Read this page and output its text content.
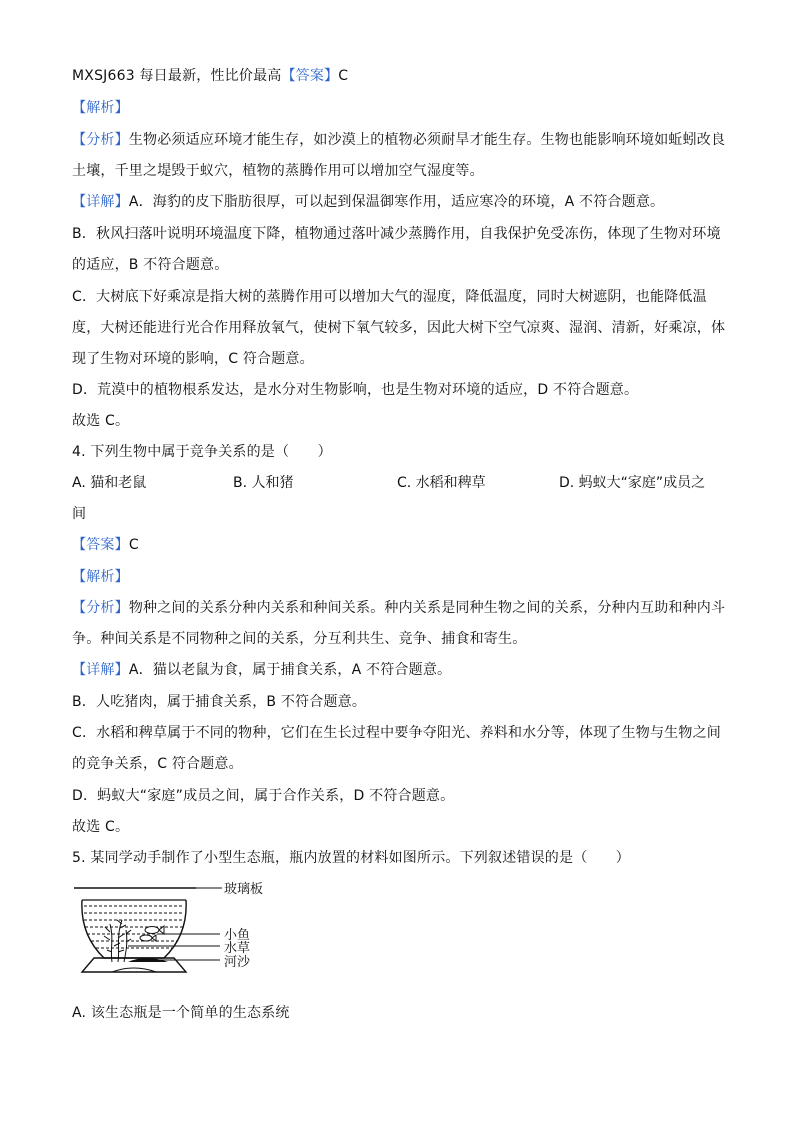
MXSJ663 每日最新，性比价最高【答案】C
【解析】
【分析】生物必须适应环境才能生存，如沙漠上的植物必须耐旱才能生存。生物也能影响环境如蚯蚓改良
土壤，千里之堤毁于蚁穴，植物的蒸腾作用可以增加空气湿度等。
【详解】A．海豹的皮下脂肪很厚，可以起到保温御寒作用，适应寒冷的环境，A 不符合题意。
B．秋风扫落叶说明环境温度下降，植物通过落叶减少蒸腾作用，自我保护免受冻伤，体现了生物对环境
的适应，B 不符合题意。
C．大树底下好乘凉是指大树的蒸腾作用可以增加大气的湿度，降低温度，同时大树遮阴，也能降低温
度，大树还能进行光合作用释放氧气，使树下氧气较多，因此大树下空气凉爽、湿润、清新，好乘凉，体
现了生物对环境的影响，C 符合题意。
D．荒漠中的植物根系发达，是水分对生物影响，也是生物对环境的适应，D 不符合题意。
故选 C。
4. 下列生物中属于竞争关系的是（　　）
A. 猫和老鼠	B. 人和猪	C. 水稻和稗草	D. 蚂蚁大“家庭”成员之
间
【答案】C
【解析】
【分析】物种之间的关系分种内关系和种间关系。种内关系是同种生物之间的关系，分种内互助和种内斗
争。种间关系是不同物种之间的关系，分互利共生、竞争、捕食和寄生。
【详解】A．猫以老鼠为食，属于捕食关系，A 不符合题意。
B．人吃猪肉，属于捕食关系，B 不符合题意。
C．水稻和稗草属于不同的物种，它们在生长过程中要争夺阳光、养料和水分等，体现了生物与生物之间
的竞争关系，C 符合题意。
D．蚂蚁大“家庭”成员之间，属于合作关系，D 不符合题意。
故选 C。
5. 某同学动手制作了小型生态瓶，瓶内放置的材料如图所示。下列叙述错误的是（　　）
玻璃板
小鱼
水草
河沙
A. 该生态瓶是一个简单的生态系统
